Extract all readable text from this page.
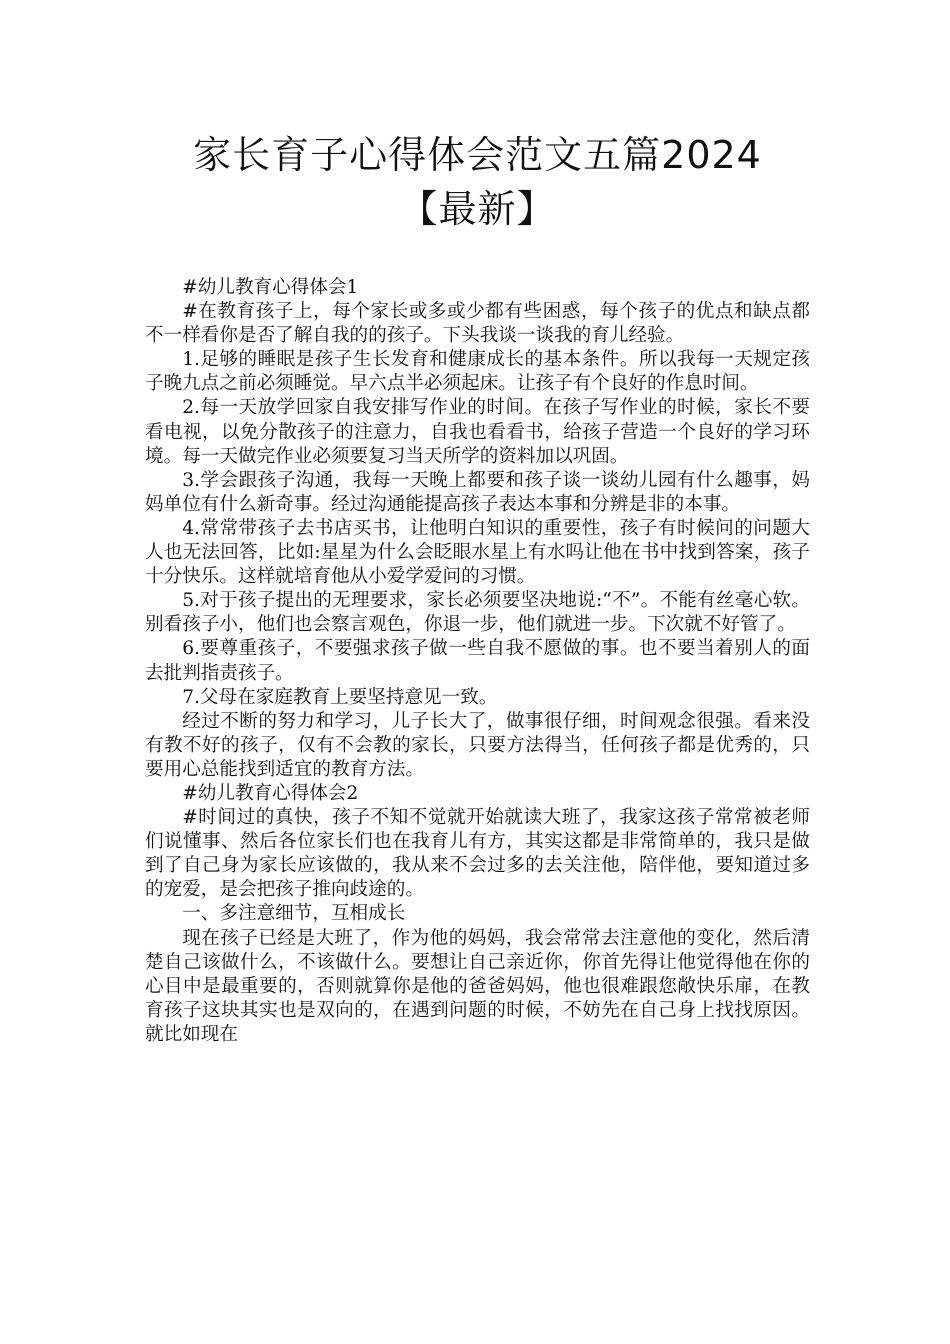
家长育子心得体会范文五篇2024【最新】

#幼儿教育心得体会1

#在教育孩子上，每个家长或多或少都有些困惑，每个孩子的优点和缺点都不一样看你是否了解自我的的孩子。下头我谈一谈我的育儿经验。

1.足够的睡眠是孩子生长发育和健康成长的基本条件。所以我每一天规定孩子晚九点之前必须睡觉。早六点半必须起床。让孩子有个良好的作息时间。

2.每一天放学回家自我安排写作业的时间。在孩子写作业的时候，家长不要看电视，以免分散孩子的注意力，自我也看看书，给孩子营造一个良好的学习环境。每一天做完作业必须要复习当天所学的资料加以巩固。

3.学会跟孩子沟通，我每一天晚上都要和孩子谈一谈幼儿园有什么趣事，妈妈单位有什么新奇事。经过沟通能提高孩子表达本事和分辨是非的本事。

4.常常带孩子去书店买书，让他明白知识的重要性，孩子有时候问的问题大人也无法回答，比如:星星为什么会眨眼水星上有水吗让他在书中找到答案，孩子十分快乐。这样就培育他从小爱学爱问的习惯。

5.对于孩子提出的无理要求，家长必须要坚决地说:“不”。不能有丝毫心软。别看孩子小，他们也会察言观色，你退一步，他们就进一步。下次就不好管了。

6.要尊重孩子，不要强求孩子做一些自我不愿做的事。也不要当着别人的面去批判指责孩子。

7.父母在家庭教育上要坚持意见一致。

经过不断的努力和学习，儿子长大了，做事很仔细，时间观念很强。看来没有教不好的孩子，仅有不会教的家长，只要方法得当，任何孩子都是优秀的，只要用心总能找到适宜的教育方法。

#幼儿教育心得体会2

#时间过的真快，孩子不知不觉就开始就读大班了，我家这孩子常常被老师们说懂事、然后各位家长们也在我育儿有方，其实这都是非常简单的，我只是做到了自己身为家长应该做的，我从来不会过多的去关注他，陪伴他，要知道过多的宠爱，是会把孩子推向歧途的。

一、多注意细节，互相成长

现在孩子已经是大班了，作为他的妈妈，我会常常去注意他的变化，然后清楚自己该做什么，不该做什么。要想让自己亲近你，你首先得让他觉得他在你的心目中是最重要的，否则就算你是他的爸爸妈妈，他也很难跟您敞快乐扉，在教育孩子这块其实也是双向的，在遇到问题的时候，不妨先在自己身上找找原因。就比如现在
